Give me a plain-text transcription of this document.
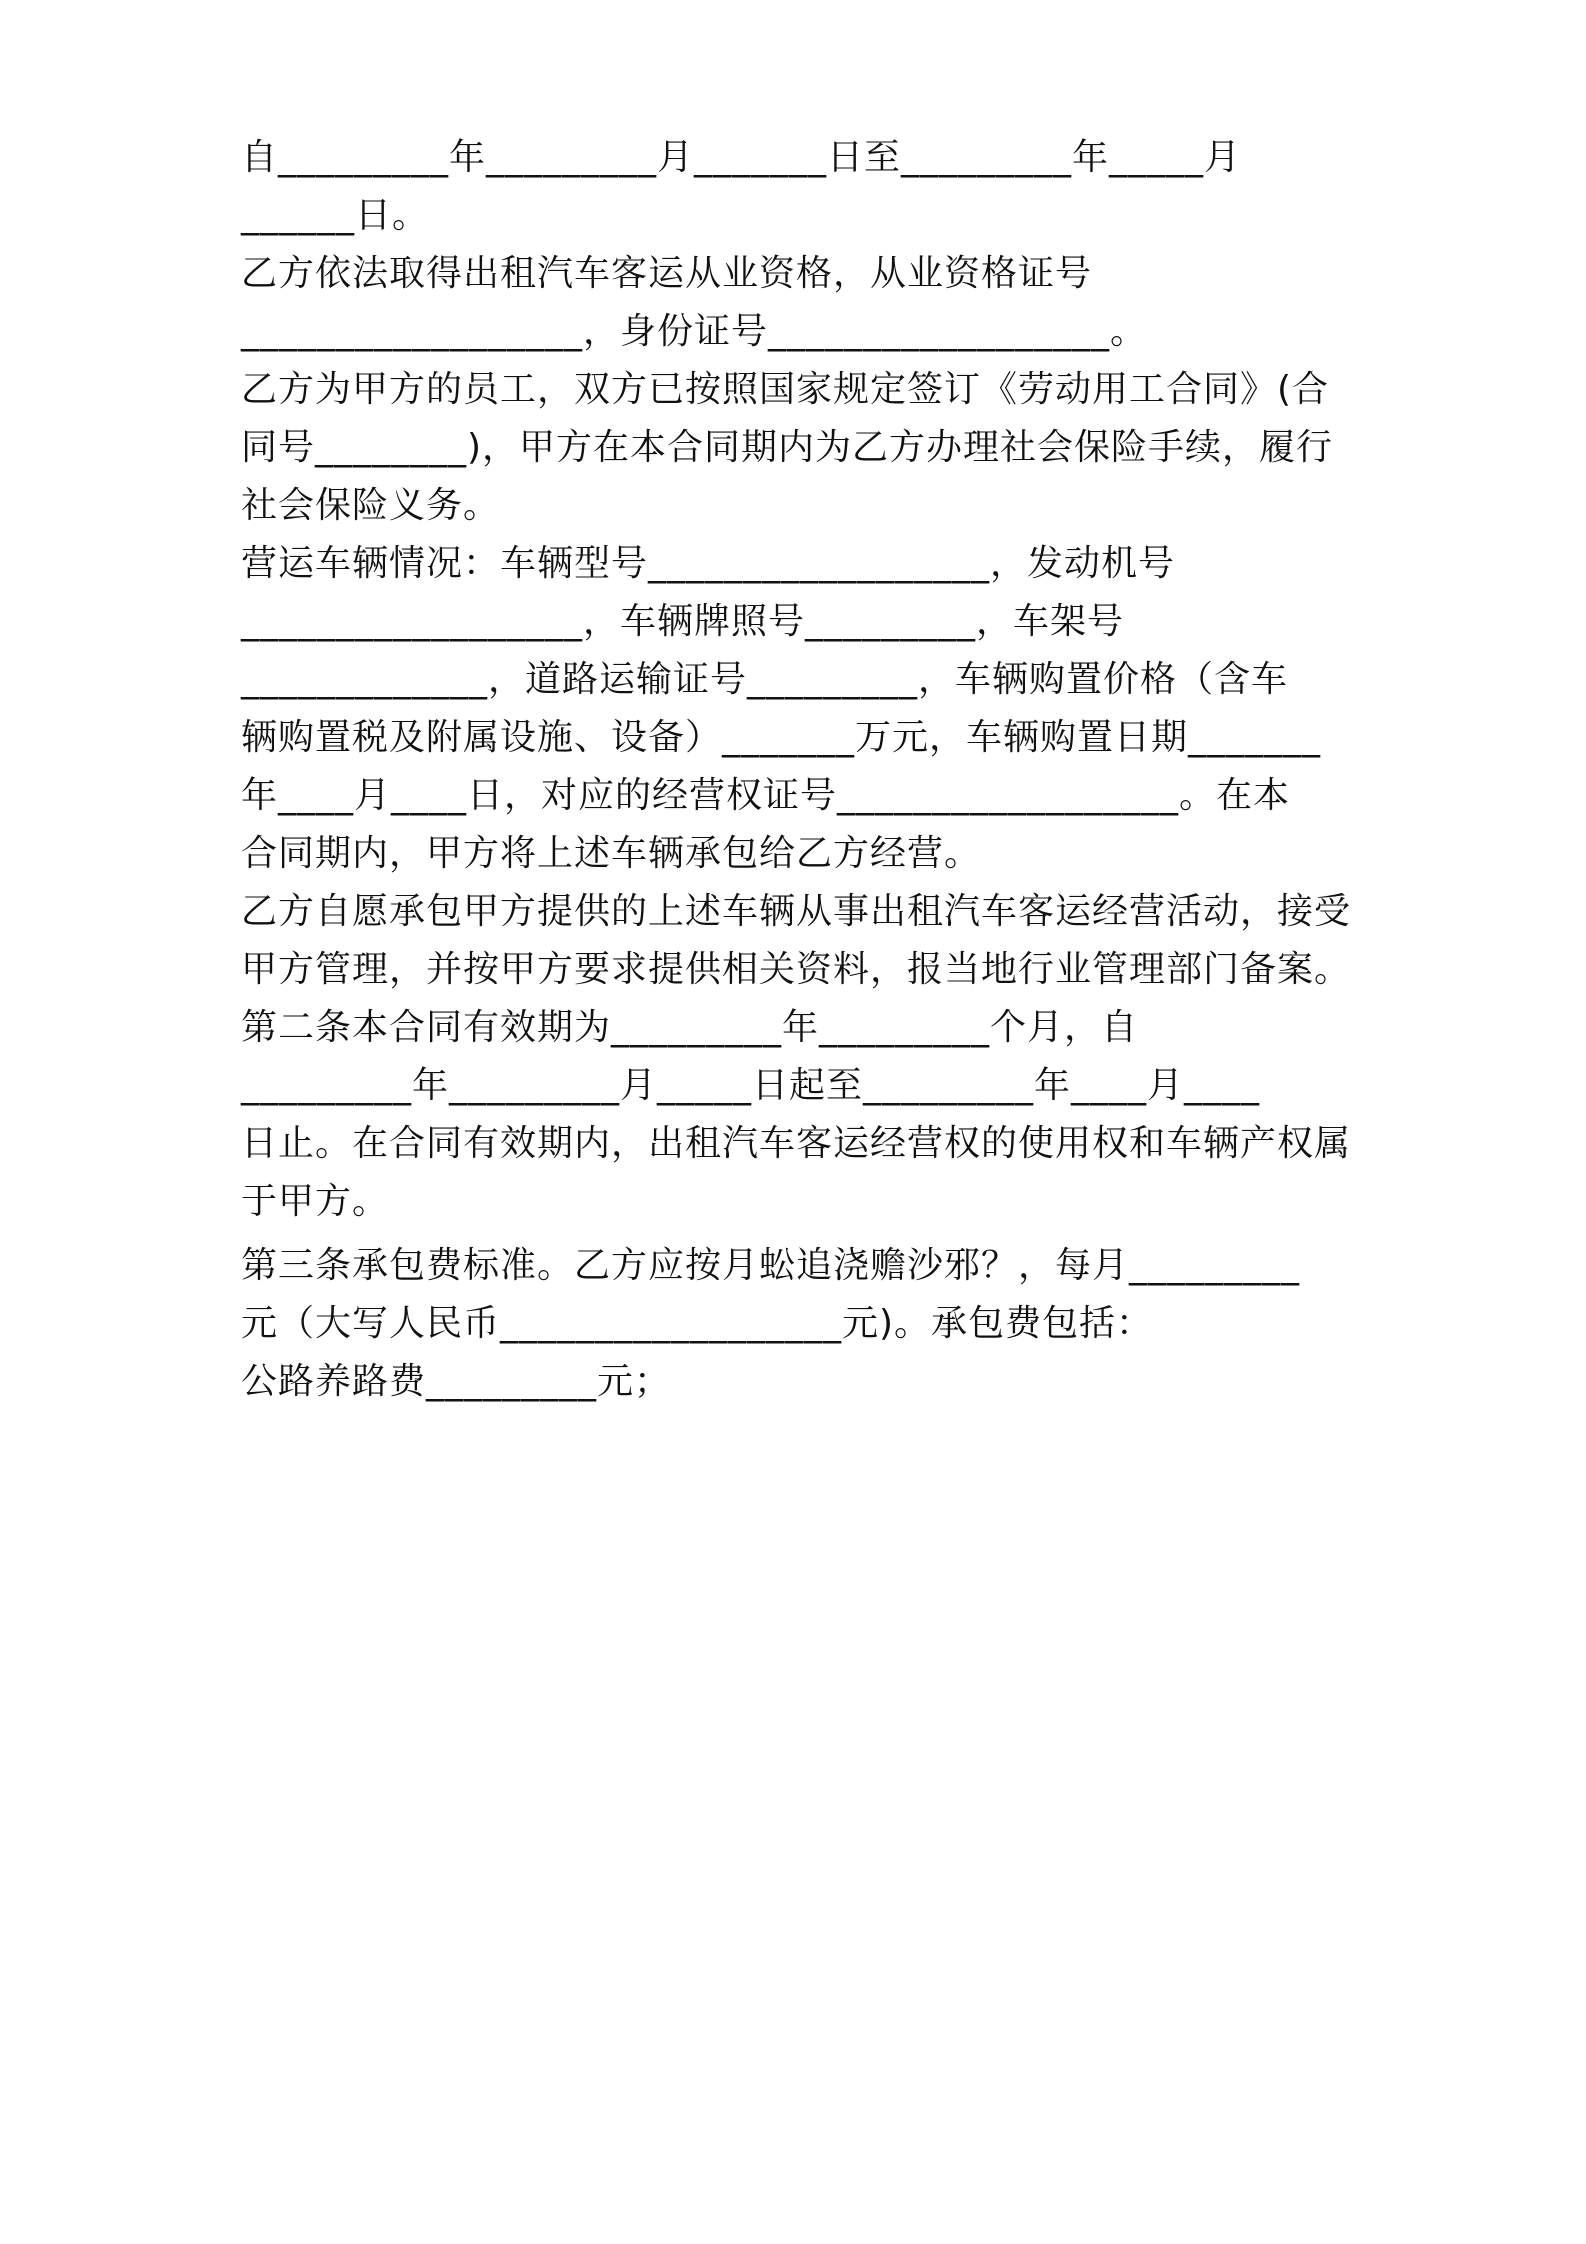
自_________年_________月_______日至_________年_____月
______日。
乙方依法取得出租汽车客运从业资格，从业资格证号
__________________，身份证号__________________。
乙方为甲方的员工，双方已按照国家规定签订《劳动用工合同》(合
同号________)，甲方在本合同期内为乙方办理社会保险手续，履行
社会保险义务。
营运车辆情况：车辆型号__________________，发动机号
__________________，车辆牌照号_________，车架号
_____________，道路运输证号_________，车辆购置价格（含车
辆购置税及附属设施、设备）_______万元，车辆购置日期_______
年____月____日，对应的经营权证号__________________。在本
合同期内，甲方将上述车辆承包给乙方经营。
乙方自愿承包甲方提供的上述车辆从事出租汽车客运经营活动，接受
甲方管理，并按甲方要求提供相关资料，报当地行业管理部门备案。
第二条本合同有效期为_________年_________个月，自
_________年_________月_____日起至_________年____月____
日止。在合同有效期内，出租汽车客运经营权的使用权和车辆产权属
于甲方。
第三条承包费标准。乙方应按月蚣追浇赡沙邪？，每月_________
元（大写人民币__________________元)。承包费包括：
公路养路费_________元；
